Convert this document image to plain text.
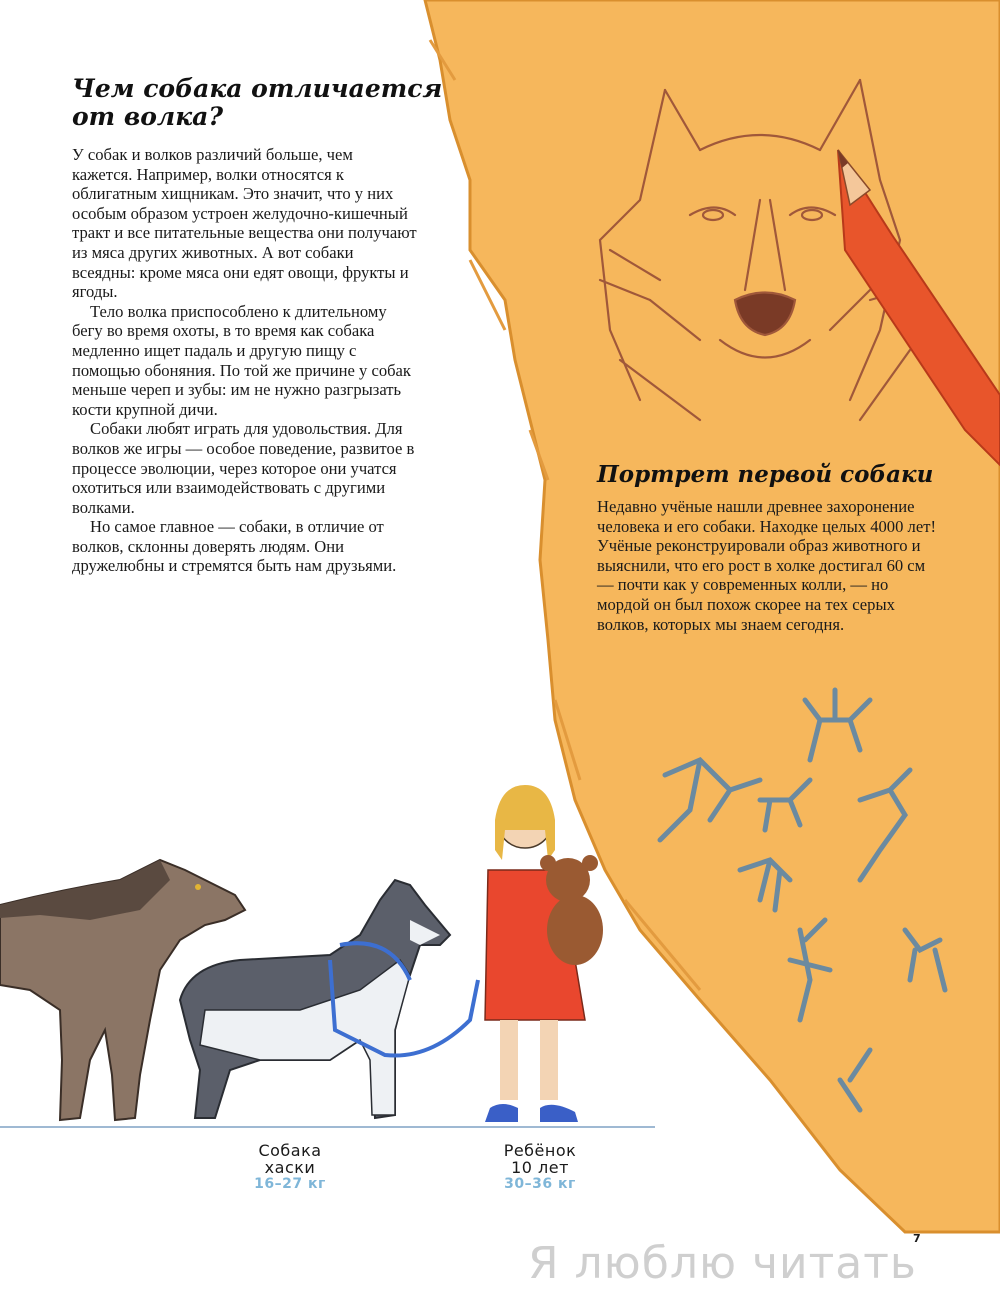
Чем собака отличается от волка?

У собак и волков различий больше, чем кажется. Например, волки относятся к облигатным хищникам. Это значит, что у них особым образом устроен желудочно-кишечный тракт и все питательные вещества они получают из мяса других животных. А вот собаки всеядны: кроме мяса они едят овощи, фрукты и ягоды.

Тело волка приспособлено к длительному бегу во время охоты, в то время как собака медленно ищет падаль и другую пищу с помощью обоняния. По той же причине у собак меньше череп и зубы: им не нужно разгрызать кости крупной дичи.

Собаки любят играть для удовольствия. Для волков же игры — особое поведение, развитое в процессе эволюции, через которое они учатся охотиться или взаимодействовать с другими волками.

Но самое главное — собаки, в отличие от волков, склонны доверять людям. Они дружелюбны и стремятся быть нам друзьями.

Портрет первой собаки

Недавно учёные нашли древнее захоронение человека и его собаки. Находке целых 4000 лет! Учёные реконструировали образ животного и выяснили, что его рост в холке достигал 60 см — почти как у современных колли, — но мордой он был похож скорее на тех серых волков, которых мы знаем сегодня.

Собака
хаски
16–27 кг
Ребёнок
10 лет
30–36 кг
7
Я люблю читать
